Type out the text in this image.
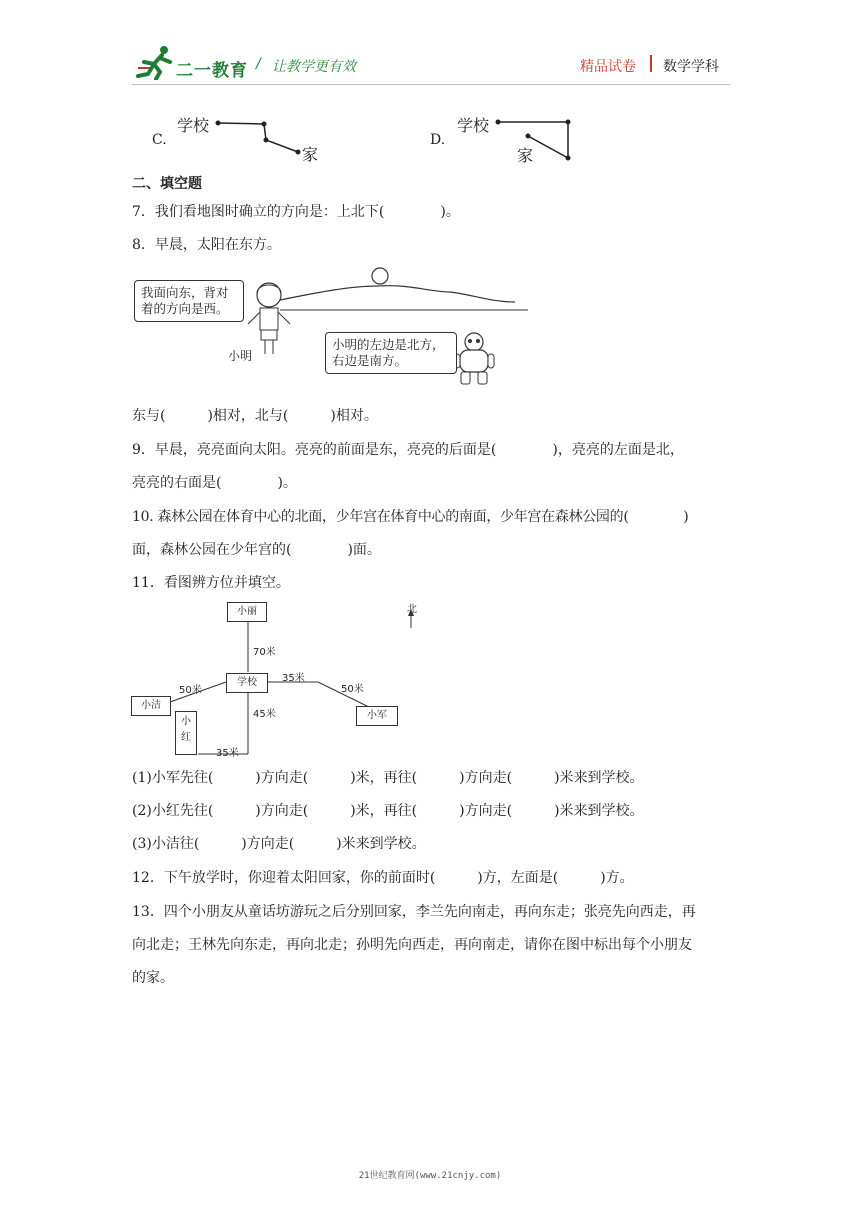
二一教育 / 让教学更有效	精品试卷 数学学科
C.
学校
家
D.
学校
家
二、填空题
7．我们看地图时确立的方向是：上北下(　　　　)。
8．早晨，太阳在东方。
我面向东，背对
着的方向是西。
小明
小明的左边是北方，
右边是南方。
东与(　　　)相对，北与(　　　)相对。
9．早晨，亮亮面向太阳。亮亮的前面是东，亮亮的后面是(　　　　)，亮亮的左面是北，
亮亮的右面是(　　　　)。
10. 森林公园在体育中心的北面，少年宫在体育中心的南面，少年宫在森林公园的(　　　　)
面，森林公园在少年宫的(　　　　)面。
11．看图辨方位并填空。
北
小丽
学校
小洁
小
红
小军
70米
35米
50米	50米
45米
35米
(1)小军先往(　　　)方向走(　　　)米，再往(　　　)方向走(　　　)米来到学校。
(2)小红先往(　　　)方向走(　　　)米，再往(　　　)方向走(　　　)米来到学校。
(3)小洁往(　　　)方向走(　　　)米来到学校。
12．下午放学时，你迎着太阳回家，你的前面时(　　　)方，左面是(　　　)方。
13．四个小朋友从童话坊游玩之后分别回家，李兰先向南走，再向东走；张亮先向西走，再
向北走；王林先向东走，再向北走；孙明先向西走，再向南走，请你在图中标出每个小朋友
的家。
21世纪教育网(www.21cnjy.com)
